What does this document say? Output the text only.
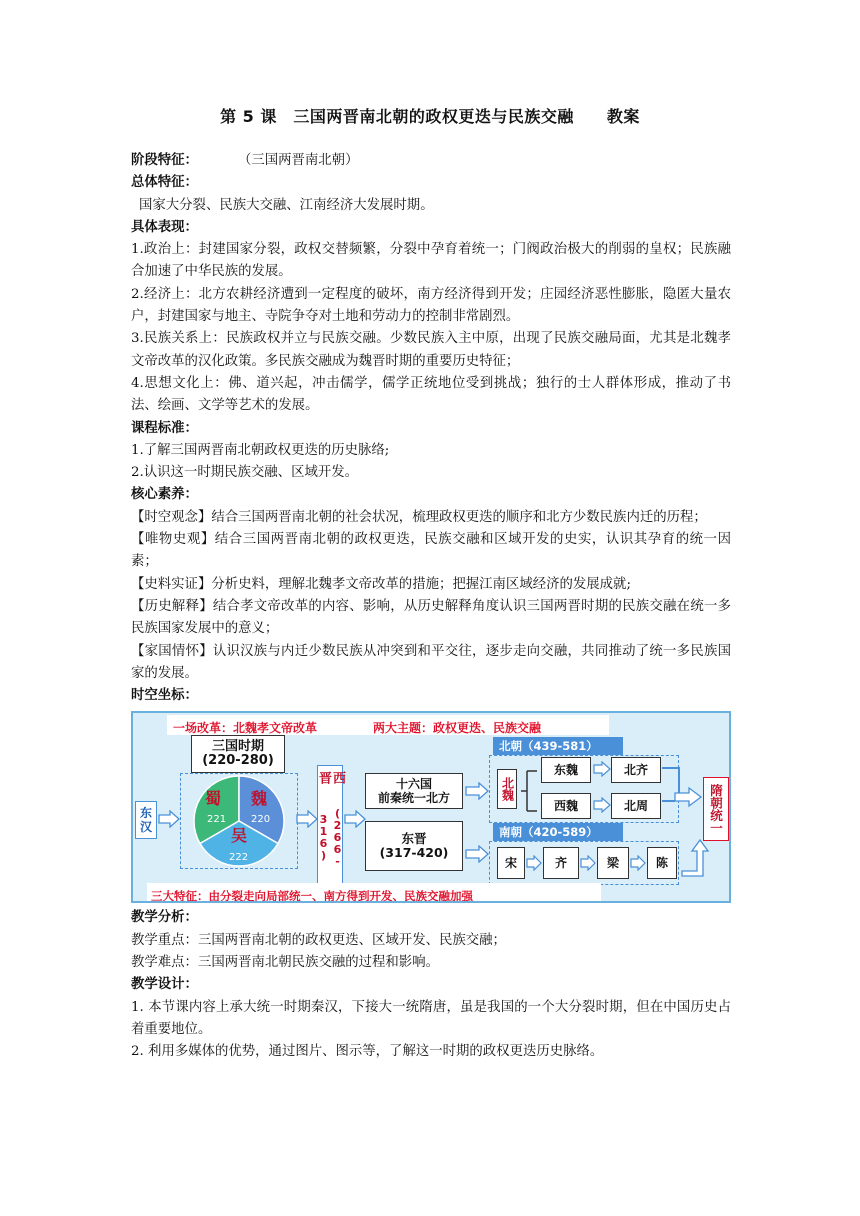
第 5 课　三国两晋南北朝的政权更迭与民族交融　　教案

阶段特征：	（三国两晋南北朝）

总体特征：

国家大分裂、民族大交融、江南经济大发展时期。

具体表现：

1.政治上：封建国家分裂，政权交替频繁，分裂中孕育着统一；门阀政治极大的削弱的皇权；民族融合加速了中华民族的发展。

2.经济上：北方农耕经济遭到一定程度的破坏，南方经济得到开发；庄园经济恶性膨胀，隐匿大量农户，封建国家与地主、寺院争夺对土地和劳动力的控制非常剧烈。

3.民族关系上：民族政权并立与民族交融。少数民族入主中原，出现了民族交融局面，尤其是北魏孝文帝改革的汉化政策。多民族交融成为魏晋时期的重要历史特征；

4.思想文化上：佛、道兴起，冲击儒学，儒学正统地位受到挑战；独行的士人群体形成，推动了书法、绘画、文学等艺术的发展。

课程标准：

1.了解三国两晋南北朝政权更迭的历史脉络;

2.认识这一时期民族交融、区域开发。

核心素养：

【时空观念】结合三国两晋南北朝的社会状况，梳理政权更迭的顺序和北方少数民族内迁的历程；

【唯物史观】结合三国两晋南北朝的政权更迭，民族交融和区域开发的史实，认识其孕育的统一因素；

【史料实证】分析史料，理解北魏孝文帝改革的措施；把握江南区域经济的发展成就;

【历史解释】结合孝文帝改革的内容、影响，从历史解释角度认识三国两晋时期的民族交融在统一多民族国家发展中的意义；

【家国情怀】认识汉族与内迁少数民族从冲突到和平交往，逐步走向交融，共同推动了统一多民族国家的发展。

时空坐标：

一场改革：北魏孝文帝改革	两大主题：政权更迭、民族交融
三国时期
(220-280)
蜀
221
魏
220
吴
222
东汉
西晋
(266-316)
十六国
前秦统一北方
东晋
(317-420)
北朝（439-581）
北魏
东魏
西魏
北齐
北周
南朝（420-589）
宋	齐	梁	陈
隋朝统一
三大特征：由分裂走向局部统一、南方得到开发、民族交融加强

教学分析：

教学重点：三国两晋南北朝的政权更迭、区域开发、民族交融；

教学难点：三国两晋南北朝民族交融的过程和影响。

教学设计：

1. 本节课内容上承大统一时期秦汉，下接大一统隋唐，虽是我国的一个大分裂时期，但在中国历史占着重要地位。

2. 利用多媒体的优势，通过图片、图示等，了解这一时期的政权更迭历史脉络。
